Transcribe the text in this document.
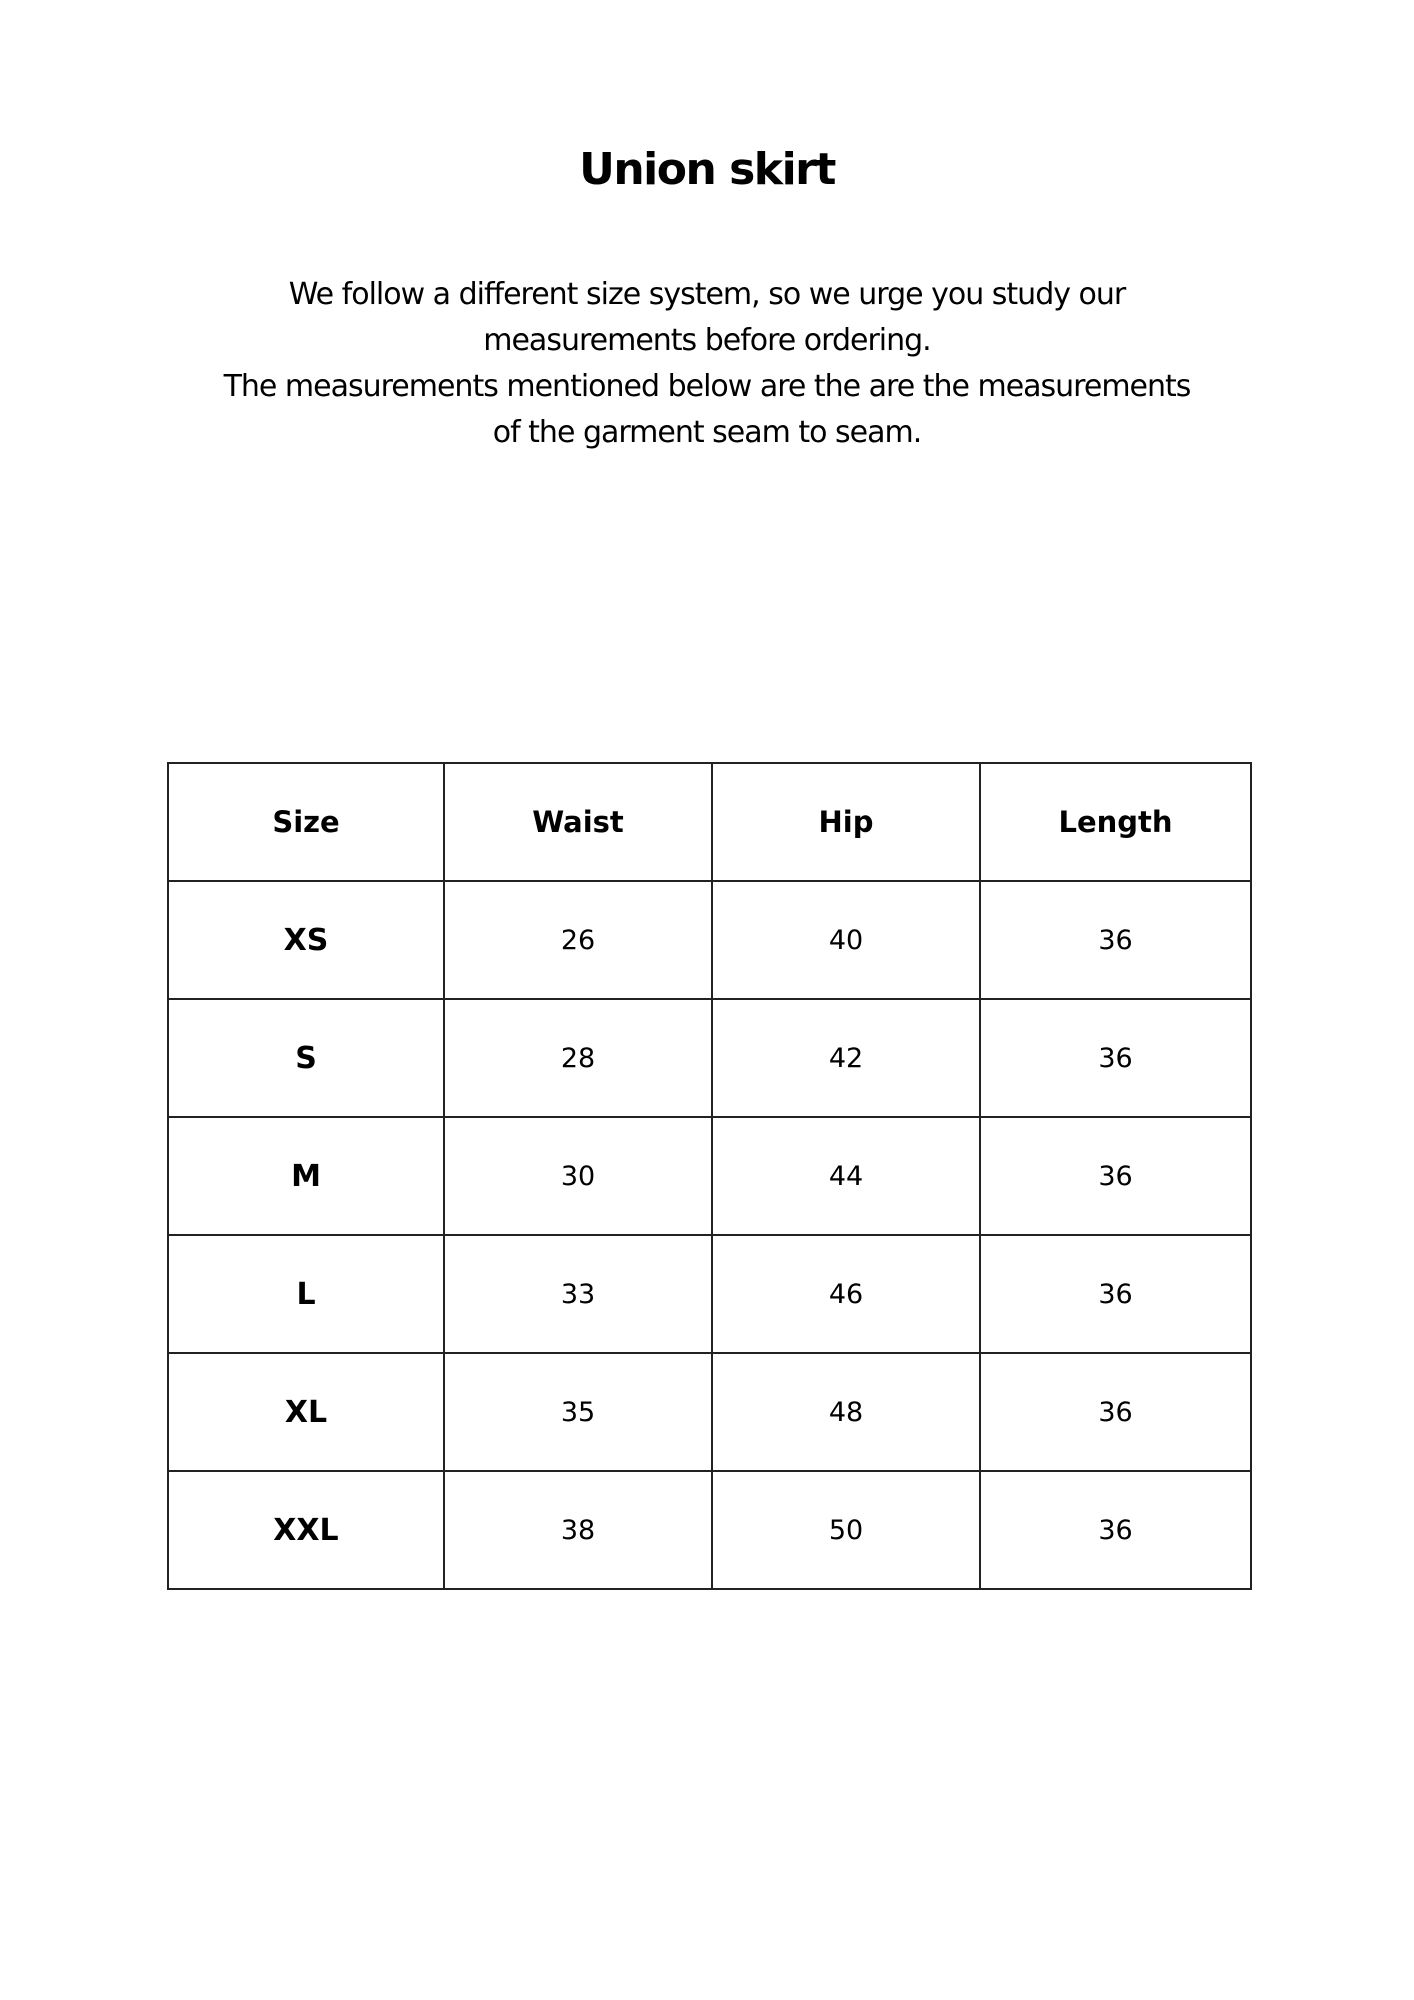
Union skirt
We follow a different size system, so we urge you study our
measurements before ordering.
The measurements mentioned below are the are the measurements
of the garment seam to seam.
Size	Waist	Hip	Length
XS	26	40	36
S	28	42	36
M	30	44	36
L	33	46	36
XL	35	48	36
XXL	38	50	36
